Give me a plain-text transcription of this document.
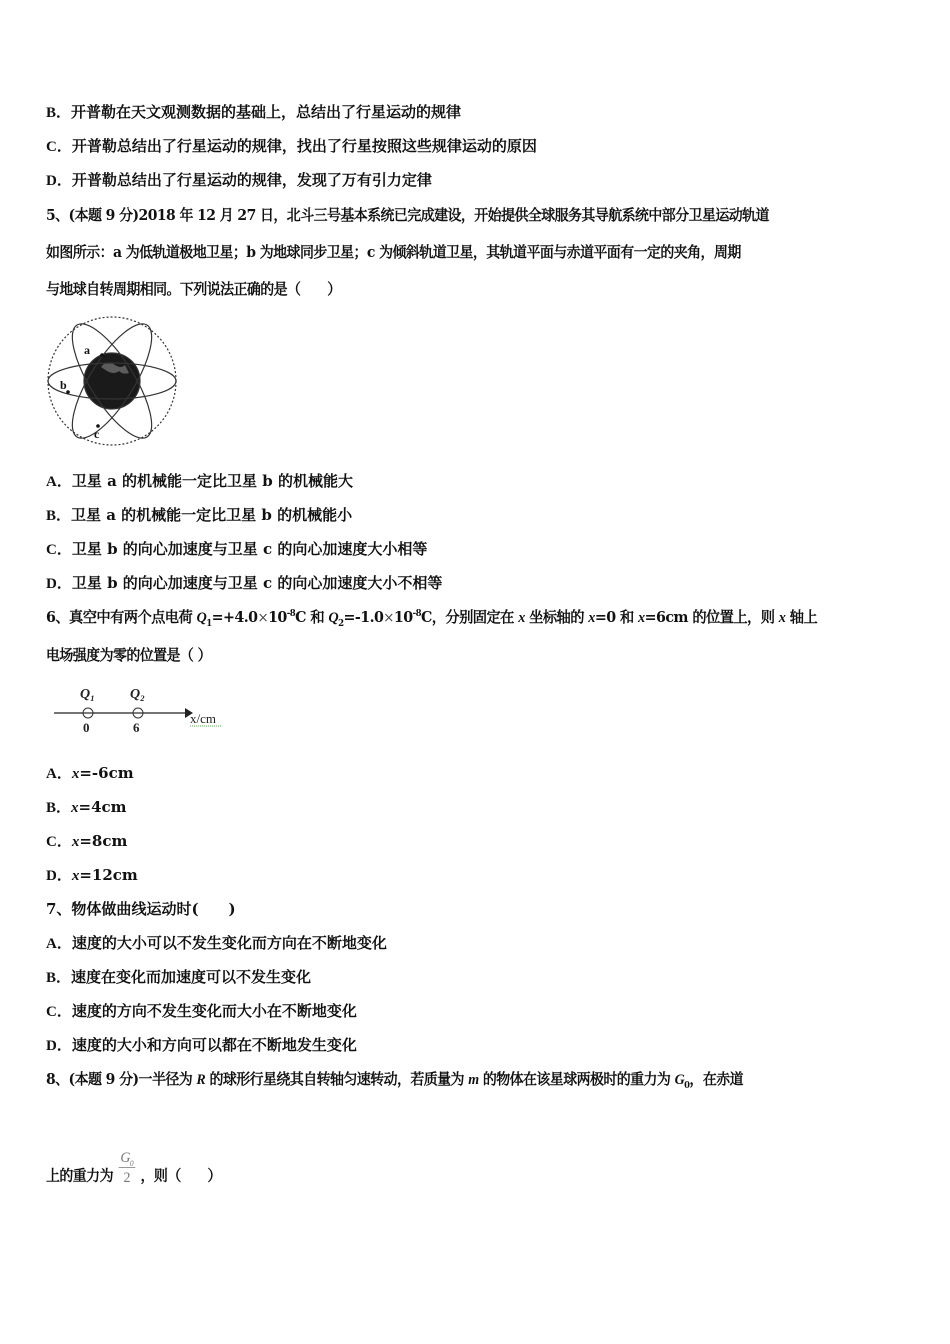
B．开普勒在天文观测数据的基础上，总结出了行星运动的规律
C．开普勒总结出了行星运动的规律，找出了行星按照这些规律运动的原因
D．开普勒总结出了行星运动的规律，发现了万有引力定律
5、(本题 9 分)2018 年 12 月 27 日，北斗三号基本系统已完成建设，开始提供全球服务其导航系统中部分卫星运动轨道
如图所示：a 为低轨道极地卫星；b 为地球同步卫星；c 为倾斜轨道卫星，其轨道平面与赤道平面有一定的夹角，周期
与地球自转周期相同。下列说法正确的是（　　）
a
b
c
A．卫星 a 的机械能一定比卫星 b 的机械能大
B．卫星 a 的机械能一定比卫星 b 的机械能小
C．卫星 b 的向心加速度与卫星 c 的向心加速度大小相等
D．卫星 b 的向心加速度与卫星 c 的向心加速度大小不相等
6、真空中有两个点电荷 $Q_1=+4.0\times 10^{-8}C$ 和 $Q_2=-1.0\times 10^{-8}C$，分别固定在 x 坐标轴的 x=0 和 x=6cm 的位置上，则 x 轴上
电场强度为零的位置是（ ）
Q₁	Q₂
0	6
x/cm
A．x=-6cm
B．x=4cm
C．x=8cm
D．x=12cm
7、物体做曲线运动时(　　)
A．速度的大小可以不发生变化而方向在不断地变化
B．速度在变化而加速度可以不发生变化
C．速度的方向不发生变化而大小在不断地变化
D．速度的大小和方向可以都在不断地发生变化
8、(本题 9 分)一半径为 R 的球形行星绕其自转轴匀速转动，若质量为 m 的物体在该星球两极时的重力为 $G_0$，在赤道
上的重力为 $\frac{G_0}{2}$ ，则（　　）
